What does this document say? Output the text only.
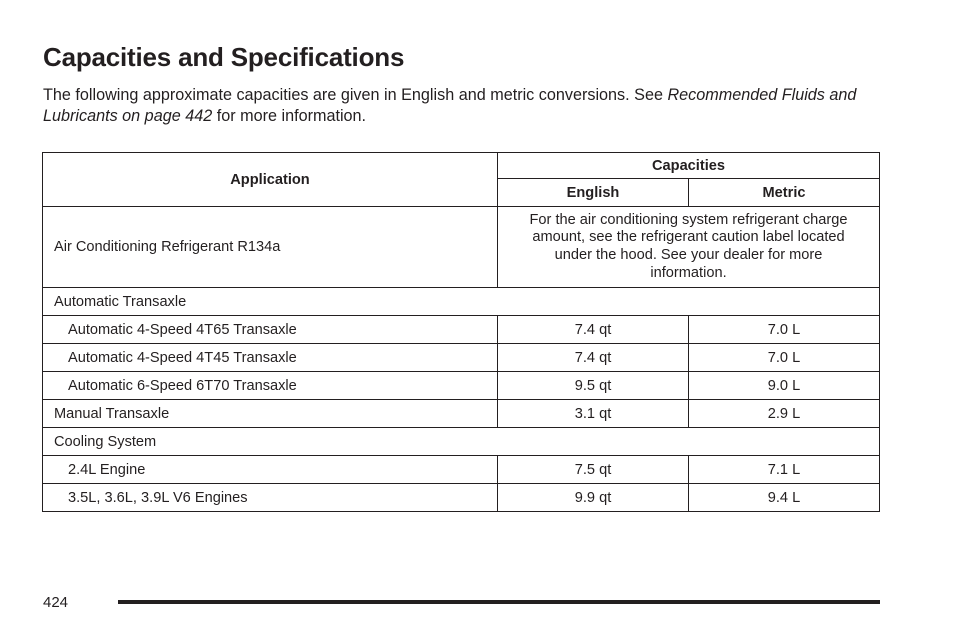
Capacities and Specifications

The following approximate capacities are given in English and metric conversions. See Recommended Fluids and Lubricants on page 442 for more information.

Application	Capacities	
	English	Metric
Air Conditioning Refrigerant R134a	For the air conditioning system refrigerant charge amount, see the refrigerant caution label located under the hood. See your dealer for more information.	
Automatic Transaxle		
Automatic 4-Speed 4T65 Transaxle	7.4 qt	7.0 L
Automatic 4-Speed 4T45 Transaxle	7.4 qt	7.0 L
Automatic 6-Speed 6T70 Transaxle	9.5 qt	9.0 L
Manual Transaxle	3.1 qt	2.9 L
Cooling System		
2.4L Engine	7.5 qt	7.1 L
3.5L, 3.6L, 3.9L V6 Engines	9.9 qt	9.4 L
424
